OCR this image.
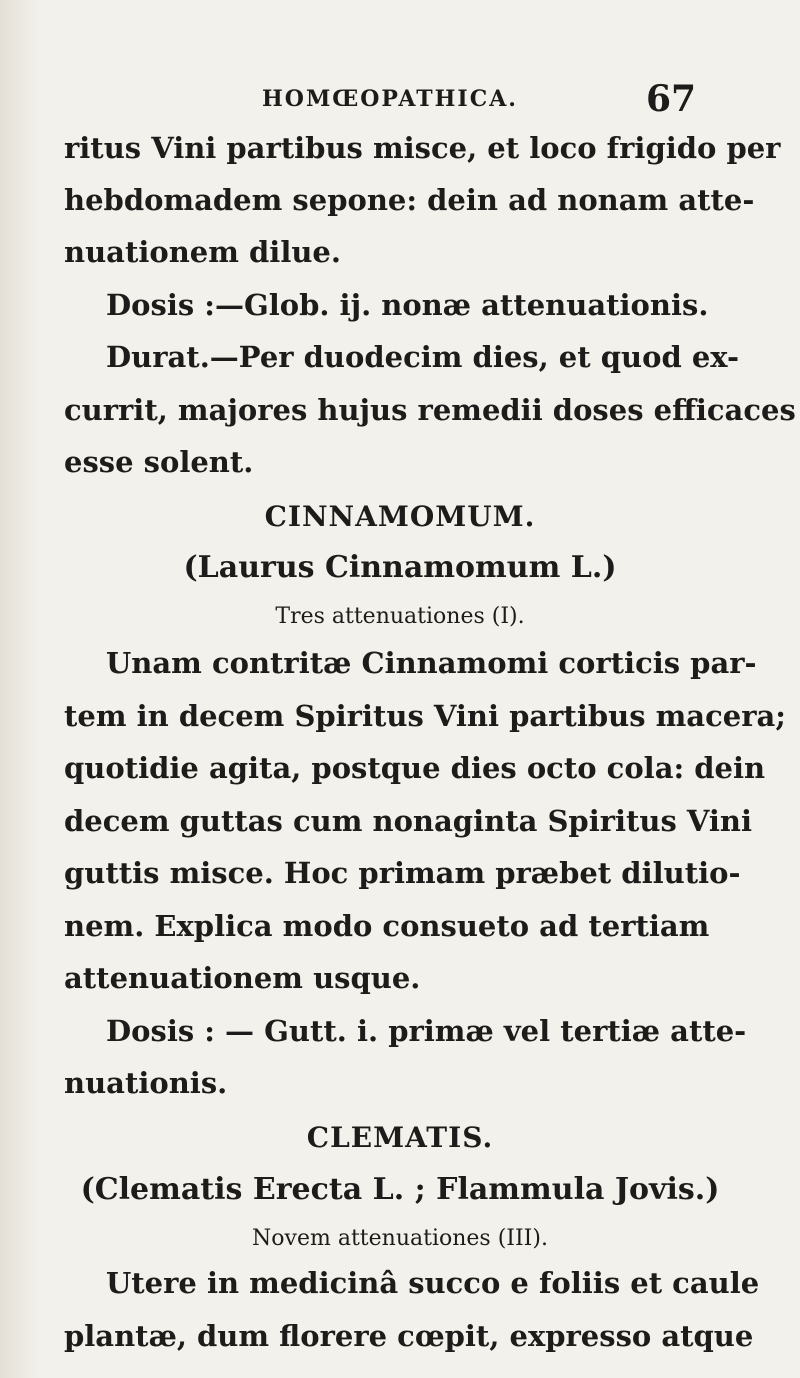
HOMŒOPATHICA.	67
ritus Vini partibus misce, et loco frigido per
hebdomadem sepone: dein ad nonam atte-
nuationem dilue.
Dosis :—Glob. ij. nonæ attenuationis.
Durat.—Per duodecim dies, et quod ex-
currit, majores hujus remedii doses efficaces
esse solent.
CINNAMOMUM.
(Laurus Cinnamomum L.)
Tres attenuationes (I).
Unam contritæ Cinnamomi corticis par-
tem in decem Spiritus Vini partibus macera;
quotidie agita, postque dies octo cola: dein
decem guttas cum nonaginta Spiritus Vini
guttis misce. Hoc primam præbet dilutio-
nem. Explica modo consueto ad tertiam
attenuationem usque.
Dosis : — Gutt. i. primæ vel tertiæ atte-
nuationis.
CLEMATIS.
(Clematis Erecta L. ; Flammula Jovis.)
Novem attenuationes (III).
Utere in medicinâ succo e foliis et caule
plantæ, dum florere cœpit, expresso atque
